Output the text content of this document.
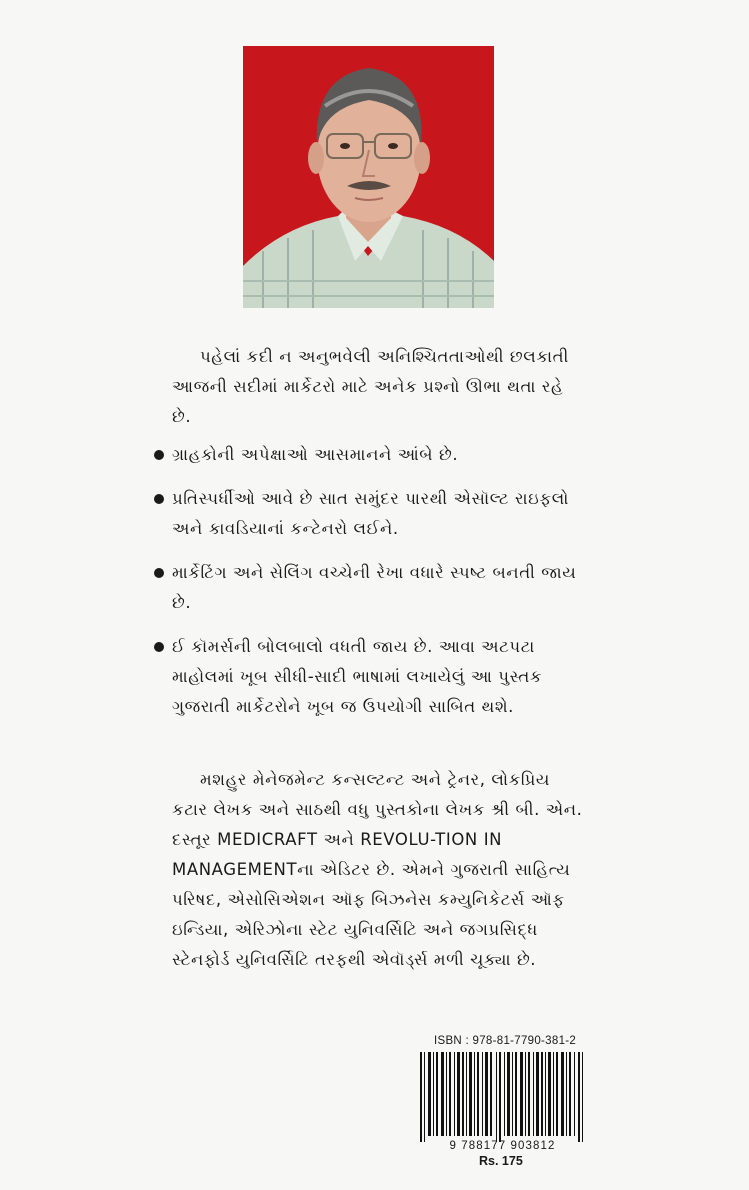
પહેલાં કદી ન અનુભવેલી અનિશ્ચિતતાઓથી છલકાતી આજની સદીમાં માર્કેટરો માટે અનેક પ્રશ્નો ઊભા થતા રહે છે.

ગ્રાહકોની અપેક્ષાઓ આસમાનને આંબે છે.
પ્રતિસ્પર્ધીઓ આવે છે સાત સમુંદર પારથી એસૉલ્ટ રાઇફલો અને કાવડિયાનાં કન્ટેનરો લઈને.
માર્કેટિંગ અને સેલિંગ વચ્ચેની રેખા વધારે સ્પષ્ટ બનતી જાય છે.
ઈ કૉમર્સની બોલબાલો વધતી જાય છે. આવા અટપટા માહોલમાં ખૂબ સીધી-સાદી ભાષામાં લખાયેલું આ પુસ્તક ગુજરાતી માર્કેટરોને ખૂબ જ ઉપયોગી સાબિત થશે.

મશહુર મેનેજમેન્ટ કન્સલ્ટન્ટ અને ટ્રેનર, લોકપ્રિય કટાર લેખક અને સાઠથી વધુ પુસ્તકોના લેખક શ્રી બી. એન. દસ્તૂર MEDICRAFT અને REVOLU-TION IN MANAGEMENTના એડિટર છે. એમને ગુજરાતી સાહિત્ય પરિષદ, એસોસિએશન ઑફ બિઝનેસ કમ્યુનિકેટર્સ ઑફ ઇન્ડિયા, એરિઝોના સ્ટેટ યુનિવર્સિટિ અને જગપ્રસિદ્ધ સ્ટેનફોર્ડ યુનિવર્સિટિ તરફથી એવૉર્ડ્સ મળી ચૂક્યા છે.

ISBN : 978-81-7790-381-2
9 788177 903812
Rs. 175
